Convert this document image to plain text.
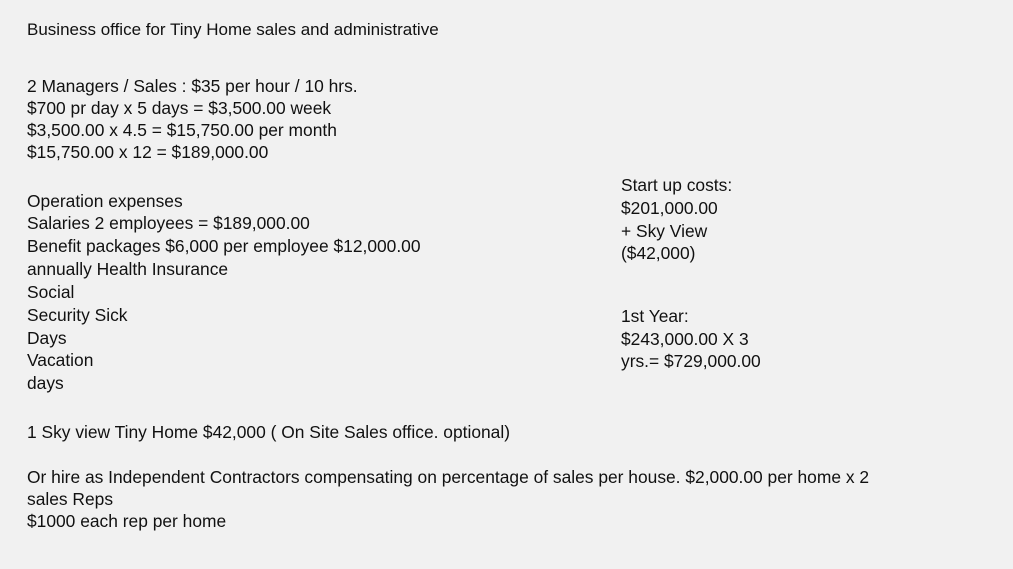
Business office for Tiny Home sales and administrative
2 Managers / Sales : $35 per hour / 10 hrs.
$700 pr day x 5 days = $3,500.00 week
$3,500.00 x 4.5 = $15,750.00 per month
$15,750.00 x 12 = $189,000.00
Operation expenses
Salaries 2 employees = $189,000.00
Benefit packages $6,000 per employee $12,000.00
annually Health Insurance
Social
Security Sick
Days
Vacation
days
Start up costs:
$201,000.00
+ Sky View
($42,000)
1st Year:
$243,000.00 X 3
yrs.= $729,000.00
1 Sky view Tiny Home $42,000 ( On Site Sales office. optional)
Or hire as Independent Contractors compensating on percentage of sales per house. $2,000.00 per home x 2
sales Reps
$1000 each rep per home
